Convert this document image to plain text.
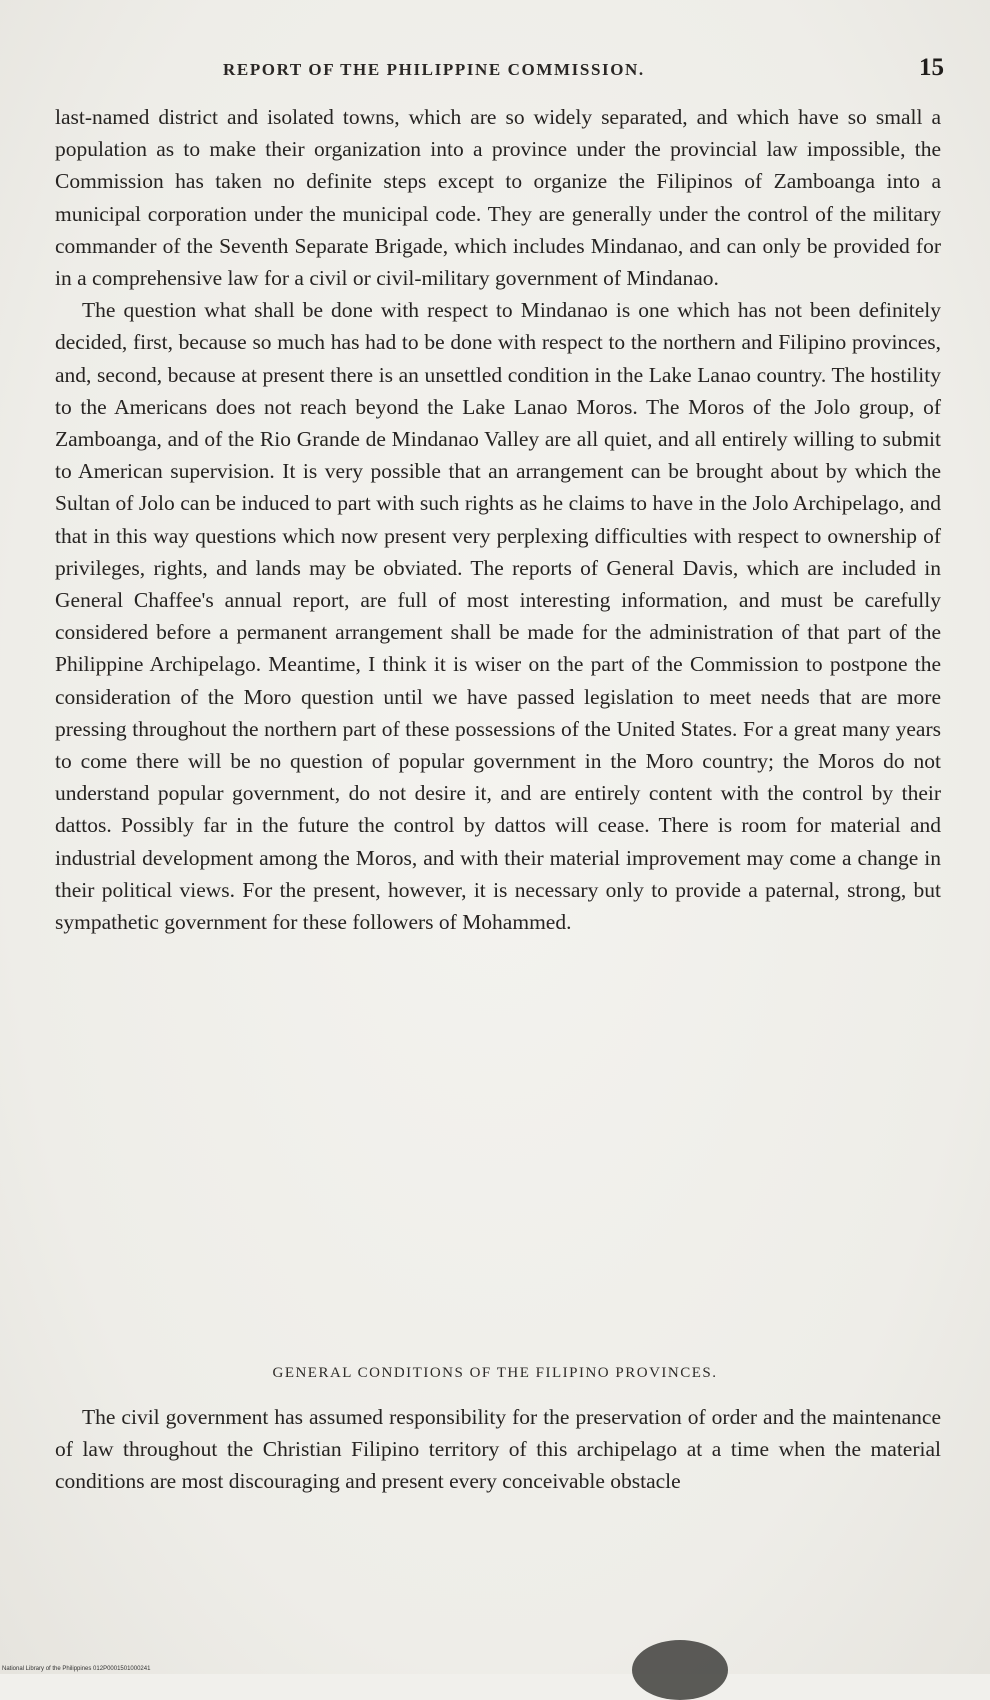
REPORT OF THE PHILIPPINE COMMISSION.	15

last-named district and isolated towns, which are so widely separated, and which have so small a population as to make their organization into a province under the provincial law impossible, the Commission has taken no definite steps except to organize the Filipinos of Zamboanga into a municipal corporation under the municipal code. They are generally under the control of the military commander of the Seventh Separate Brigade, which includes Mindanao, and can only be provided for in a comprehensive law for a civil or civil-military government of Mindanao.

The question what shall be done with respect to Mindanao is one which has not been definitely decided, first, because so much has had to be done with respect to the northern and Filipino provinces, and, second, because at present there is an unsettled condition in the Lake Lanao country. The hostility to the Americans does not reach beyond the Lake Lanao Moros. The Moros of the Jolo group, of Zamboanga, and of the Rio Grande de Mindanao Valley are all quiet, and all entirely willing to submit to American supervision. It is very possible that an arrangement can be brought about by which the Sultan of Jolo can be induced to part with such rights as he claims to have in the Jolo Archipelago, and that in this way questions which now present very perplexing difficulties with respect to ownership of privileges, rights, and lands may be obviated. The reports of General Davis, which are included in General Chaffee's annual report, are full of most interesting information, and must be carefully considered before a permanent arrangement shall be made for the administration of that part of the Philippine Archipelago. Meantime, I think it is wiser on the part of the Commission to postpone the consideration of the Moro question until we have passed legislation to meet needs that are more pressing throughout the northern part of these possessions of the United States. For a great many years to come there will be no question of popular government in the Moro country; the Moros do not understand popular government, do not desire it, and are entirely content with the control by their dattos. Possibly far in the future the control by dattos will cease. There is room for material and industrial development among the Moros, and with their material improvement may come a change in their political views. For the present, however, it is necessary only to provide a paternal, strong, but sympathetic government for these followers of Mohammed.

GENERAL CONDITIONS OF THE FILIPINO PROVINCES.

The civil government has assumed responsibility for the preservation of order and the maintenance of law throughout the Christian Filipino territory of this archipelago at a time when the material conditions are most discouraging and present every conceivable obstacle

National Library of the Philippines 012P0001501000241
